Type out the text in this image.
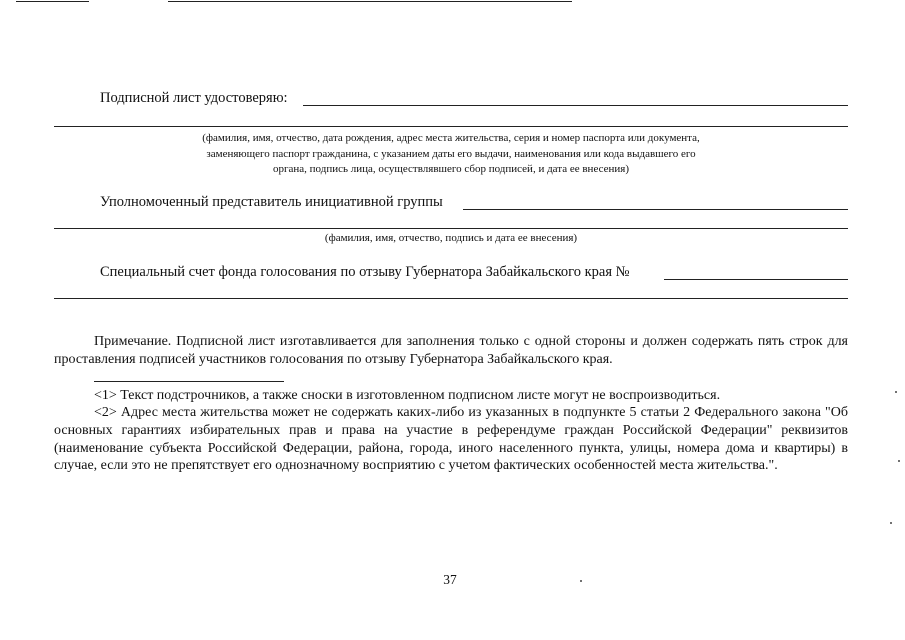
Подписной лист удостоверяю:
(фамилия, имя, отчество, дата рождения, адрес места жительства, серия и номер паспорта или документа,
заменяющего паспорт гражданина, с указанием даты его выдачи, наименования или кода выдавшего его
органа, подпись лица, осуществлявшего сбор подписей, и дата ее внесения)
Уполномоченный представитель инициативной группы
(фамилия, имя, отчество, подпись и дата ее внесения)
Специальный счет фонда голосования по отзыву Губернатора Забайкальского края №
Примечание. Подписной лист изготавливается для заполнения только с одной стороны и должен содержать пять строк для проставления подписей участников голосования по отзыву Губернатора Забайкальского края.
<1> Текст подстрочников, а также сноски в изготовленном подписном листе могут не воспроизводиться.
<2> Адрес места жительства может не содержать каких-либо из указанных в подпункте 5 статьи 2 Федерального закона "Об основных гарантиях избирательных прав и права на участие в референдуме граждан Российской Федерации" реквизитов (наименование субъекта Российской Федерации, района, города, иного населенного пункта, улицы, номера дома и квартиры) в случае, если это не препятствует его однозначному восприятию с учетом фактических особенностей места жительства.".
37
